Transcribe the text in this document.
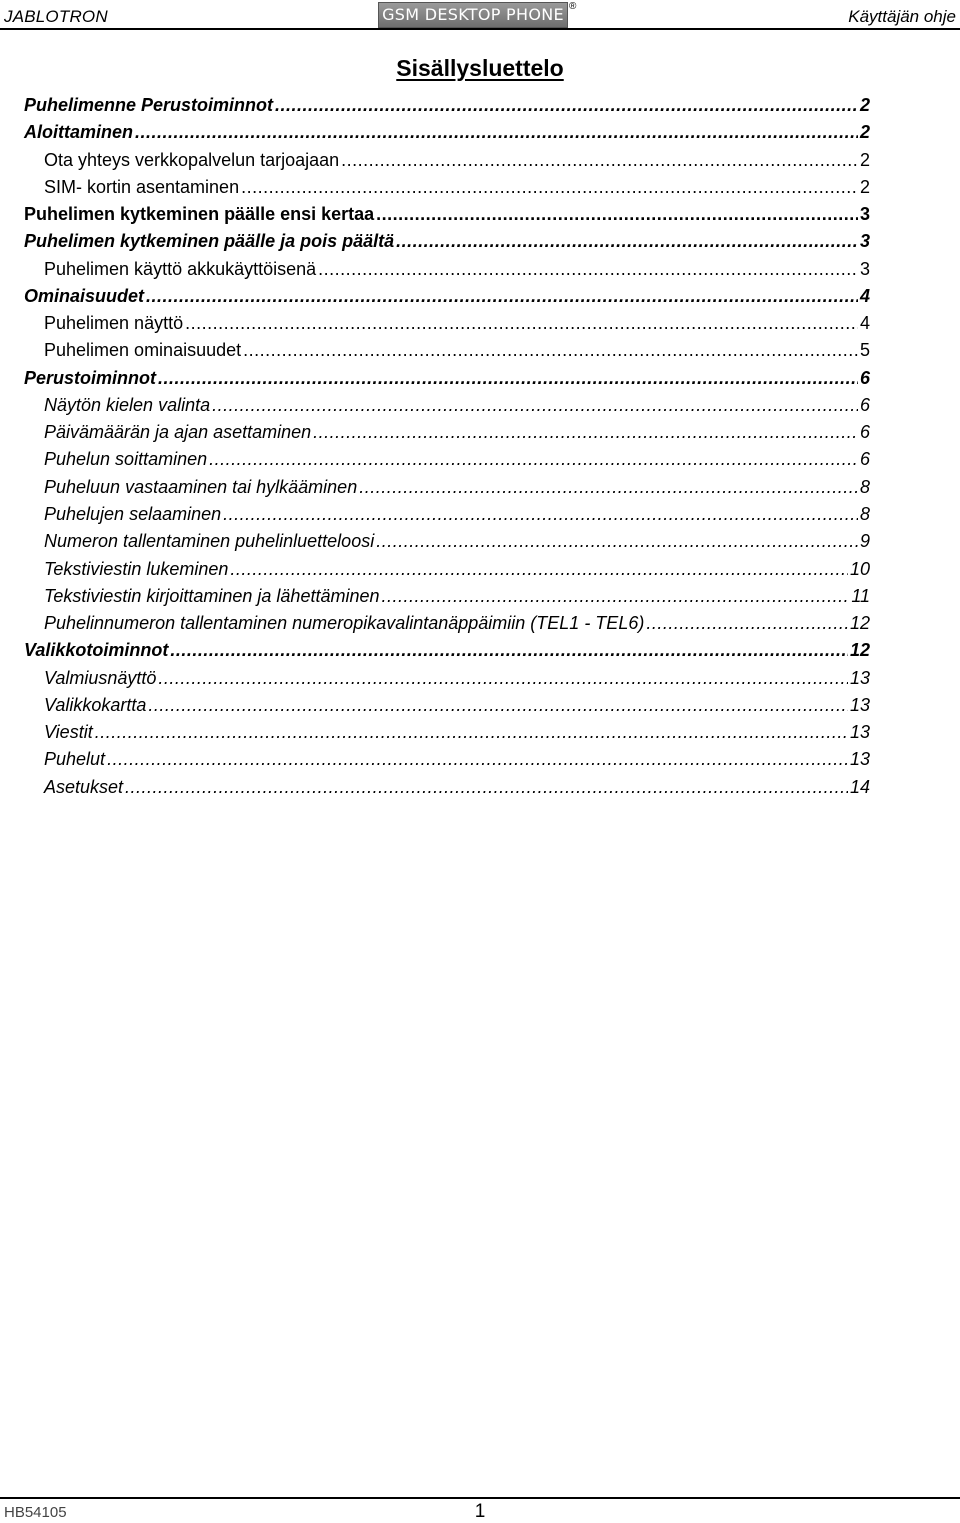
JABLOTRON	GSM DESKTOP PHONE ®
Käyttäjän ohje
Sisällysluettelo
Puhelimenne Perustoiminnot .....	2
Aloittaminen .....	2
Ota yhteys verkkopalvelun tarjoajaan .....	2
SIM- kortin asentaminen .....	2
Puhelimen kytkeminen päälle ensi kertaa .....	3
Puhelimen kytkeminen päälle ja pois päältä .....	3
Puhelimen käyttö akkukäyttöisenä .....	3
Ominaisuudet .....	4
Puhelimen näyttö .....	4
Puhelimen ominaisuudet .....	5
Perustoiminnot .....	6
Näytön kielen valinta .....	6
Päivämäärän ja ajan asettaminen .....	6
Puhelun soittaminen .....	6
Puheluun vastaaminen tai hylkääminen .....	8
Puhelujen selaaminen .....	8
Numeron tallentaminen puhelinluetteloosi .....	9
Tekstiviestin lukeminen .....	10
Tekstiviestin kirjoittaminen ja lähettäminen .....	11
Puhelinnumeron tallentaminen numeropikavalintanäppäimiin (TEL1 - TEL6) .....	12
Valikkotoiminnot .....	12
Valmiusnäyttö .....	13
Valikkokartta .....	13
Viestit .....	13
Puhelut .....	13
Asetukset .....	14
HB54105	1
